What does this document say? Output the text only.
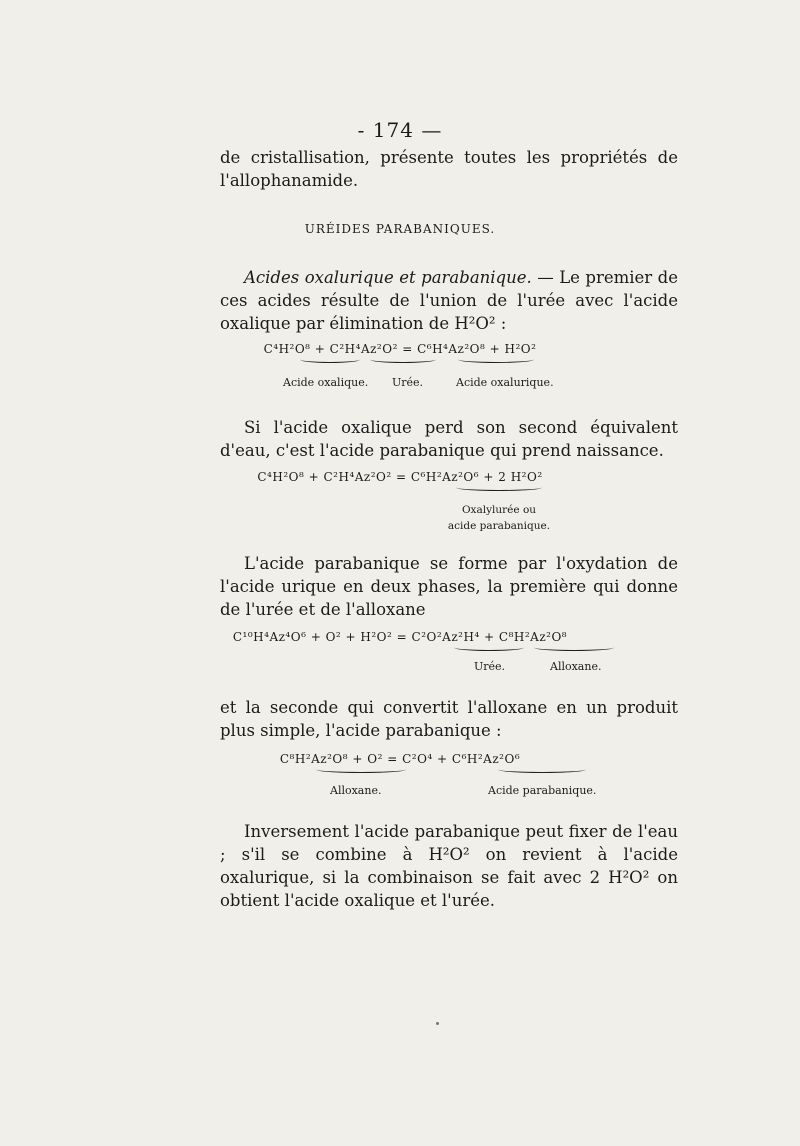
- 174 —
de cristallisation, présente toutes les propriétés de l'allophanamide.
URÉIDES PARABANIQUES.
Acides oxalurique et parabanique. — Le premier de ces acides résulte de l'union de l'urée avec l'acide oxalique par élimination de H²O² :
C⁴H²O⁸ + C²H⁴Az²O² = C⁶H⁴Az²O⁸ + H²O²
Acide oxalique. Urée.	Acide oxalurique.
Si l'acide oxalique perd son second équivalent d'eau, c'est l'acide parabanique qui prend naissance.
C⁴H²O⁸ + C²H⁴Az²O² = C⁶H²Az²O⁶ + 2 H²O²
Oxalylurée ou
acide parabanique.
L'acide parabanique se forme par l'oxydation de l'acide urique en deux phases, la première qui donne de l'urée et de l'alloxane
C¹⁰H⁴Az⁴O⁶ + O² + H²O² = C²O²Az²H⁴ + C⁸H²Az²O⁸
Urée.	Alloxane.
et la seconde qui convertit l'alloxane en un produit plus simple, l'acide parabanique :
C⁸H²Az²O⁸ + O² = C²O⁴ + C⁶H²Az²O⁶
Alloxane.	Acide parabanique.
Inversement l'acide parabanique peut fixer de l'eau ; s'il se combine à H²O² on revient à l'acide oxalurique, si la combinaison se fait avec 2 H²O² on obtient l'acide oxalique et l'urée.
